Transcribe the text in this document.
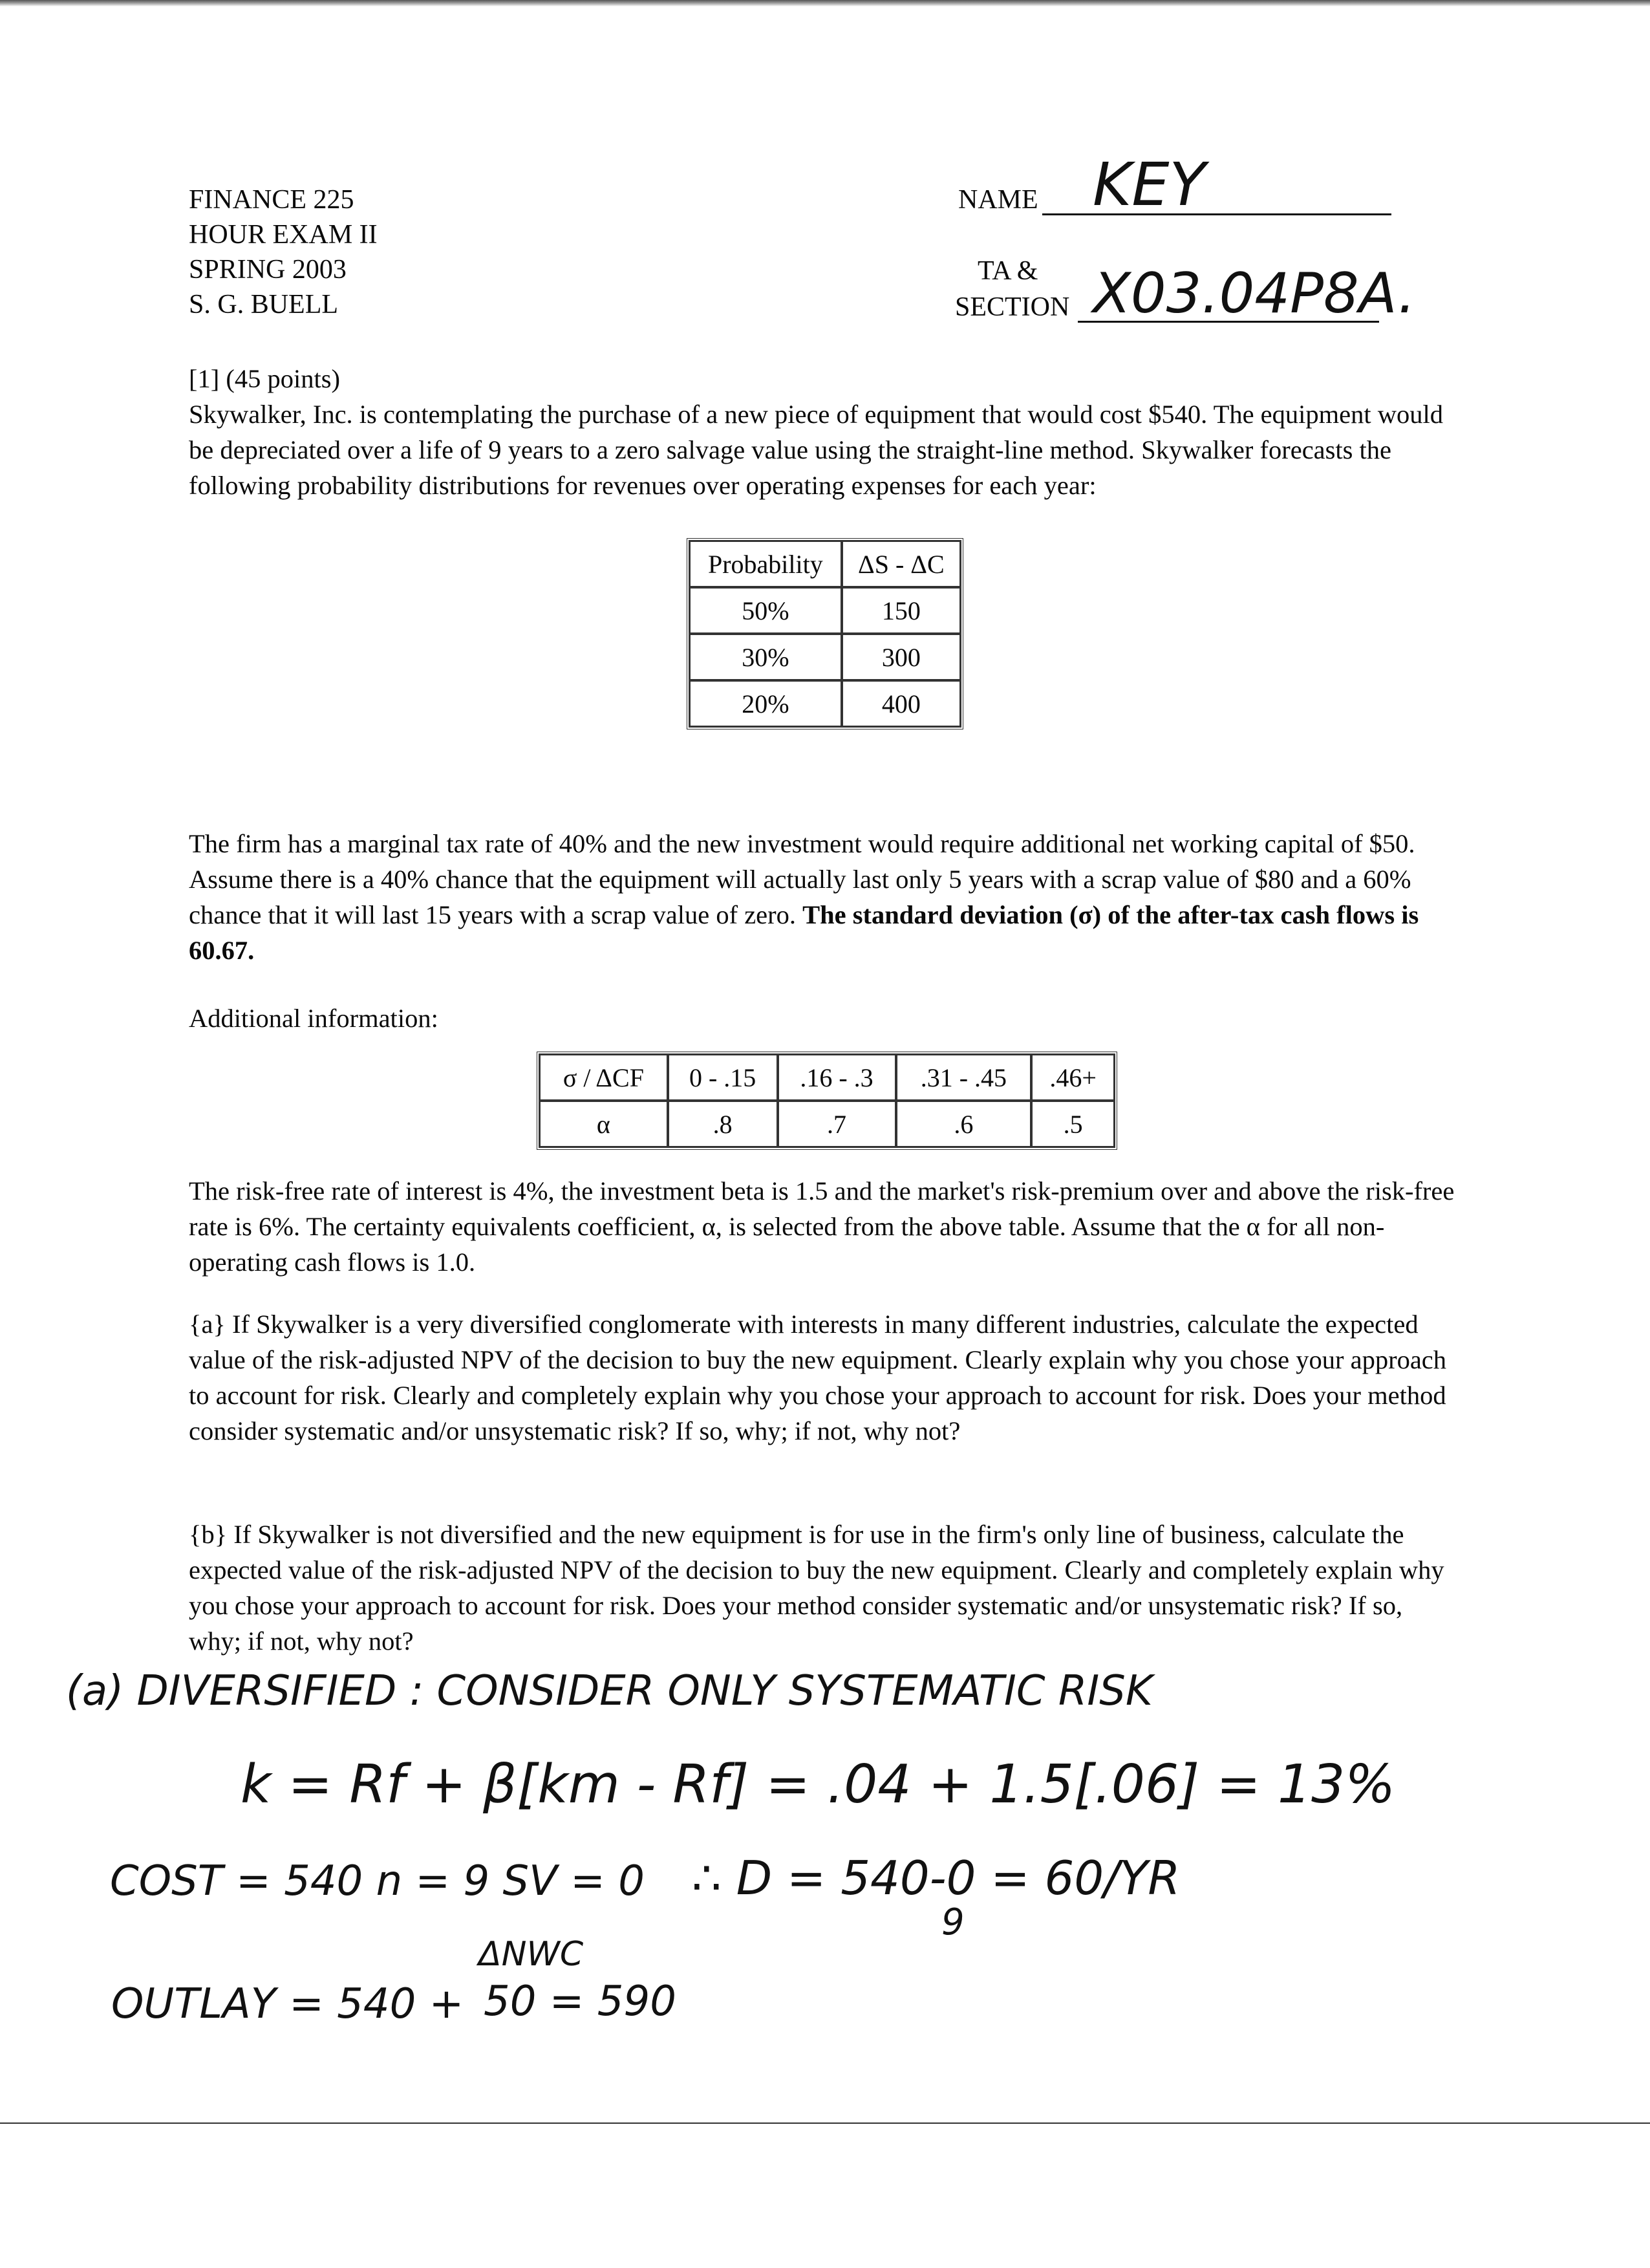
FINANCE 225
HOUR EXAM II
SPRING 2003
S. G. BUELL
NAME KEY
TA &
SECTION X03.04P8A.

[1] (45 points)

Skywalker, Inc. is contemplating the purchase of a new piece of equipment that would cost $540. The equipment would be depreciated over a life of 9 years to a zero salvage value using the straight-line method. Skywalker forecasts the following probability distributions for revenues over operating expenses for each year:

Probability	ΔS - ΔC
50%	150
30%	300
20%	400

The firm has a marginal tax rate of 40% and the new investment would require additional net working capital of $50. Assume there is a 40% chance that the equipment will actually last only 5 years with a scrap value of $80 and a 60% chance that it will last 15 years with a scrap value of zero. The standard deviation (σ) of the after-tax cash flows is 60.67.

Additional information:
σ / ΔCF	0 - .15	.16 - .3	.31 - .45	.46+
α	.8	.7	.6	.5

The risk-free rate of interest is 4%, the investment beta is 1.5 and the market's risk-premium over and above the risk-free rate is 6%. The certainty equivalents coefficient, α, is selected from the above table. Assume that the α for all non-operating cash flows is 1.0.

{a} If Skywalker is a very diversified conglomerate with interests in many different industries, calculate the expected value of the risk-adjusted NPV of the decision to buy the new equipment. Clearly explain why you chose your approach to account for risk. Clearly and completely explain why you chose your approach to account for risk. Does your method consider systematic and/or unsystematic risk? If so, why; if not, why not?

{b} If Skywalker is not diversified and the new equipment is for use in the firm's only line of business, calculate the expected value of the risk-adjusted NPV of the decision to buy the new equipment. Clearly and completely explain why you chose your approach to account for risk. Does your method consider systematic and/or unsystematic risk? If so, why; if not, why not?

(a) DIVERSIFIED : CONSIDER ONLY SYSTEMATIC RISK
k = Rf + β[km - Rf] = .04 + 1.5[.06] = 13%
COST = 540 n = 9 SV = 0 ∴ D = 540-0 = 60/YR
9
OUTLAY = 540 +
ΔNWC
50 = 590
